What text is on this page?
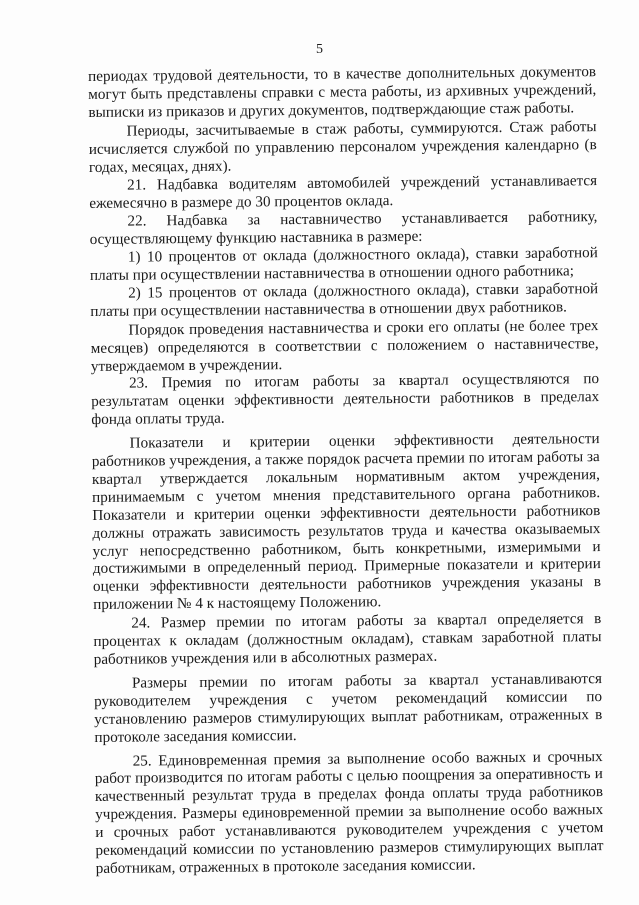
5

периодах трудовой деятельности, то в качестве дополнительных документов могут быть представлены справки с места работы, из архивных учреждений, выписки из приказов и других документов, подтверждающие стаж работы.

Периоды, засчитываемые в стаж работы, суммируются. Стаж работы исчисляется службой по управлению персоналом учреждения календарно (в годах, месяцах, днях).

21. Надбавка водителям автомобилей учреждений устанавливается ежемесячно в размере до 30 процентов оклада.

22. Надбавка за наставничество устанавливается работнику, осуществляющему функцию наставника в размере:

1) 10 процентов от оклада (должностного оклада), ставки заработной платы при осуществлении наставничества в отношении одного работника;

2) 15 процентов от оклада (должностного оклада), ставки заработной платы при осуществлении наставничества в отношении двух работников.

Порядок проведения наставничества и сроки его оплаты (не более трех месяцев) определяются в соответствии с положением о наставничестве, утверждаемом в учреждении.

23. Премия по итогам работы за квартал осуществляются по результатам оценки эффективности деятельности работников в пределах фонда оплаты труда.

Показатели и критерии оценки эффективности деятельности работников учреждения, а также порядок расчета премии по итогам работы за квартал утверждается локальным нормативным актом учреждения, принимаемым с учетом мнения представительного органа работников. Показатели и критерии оценки эффективности деятельности работников должны отражать зависимость результатов труда и качества оказываемых услуг непосредственно работником, быть конкретными, измеримыми и достижимыми в определенный период. Примерные показатели и критерии оценки эффективности деятельности работников учреждения указаны в приложении № 4 к настоящему Положению.

24. Размер премии по итогам работы за квартал определяется в процентах к окладам (должностным окладам), ставкам заработной платы работников учреждения или в абсолютных размерах.

Размеры премии по итогам работы за квартал устанавливаются руководителем учреждения с учетом рекомендаций комиссии по установлению размеров стимулирующих выплат работникам, отраженных в протоколе заседания комиссии.

25. Единовременная премия за выполнение особо важных и срочных работ производится по итогам работы с целью поощрения за оперативность и качественный результат труда в пределах фонда оплаты труда работников учреждения. Размеры единовременной премии за выполнение особо важных и срочных работ устанавливаются руководителем учреждения с учетом рекомендаций комиссии по установлению размеров стимулирующих выплат работникам, отраженных в протоколе заседания комиссии.
